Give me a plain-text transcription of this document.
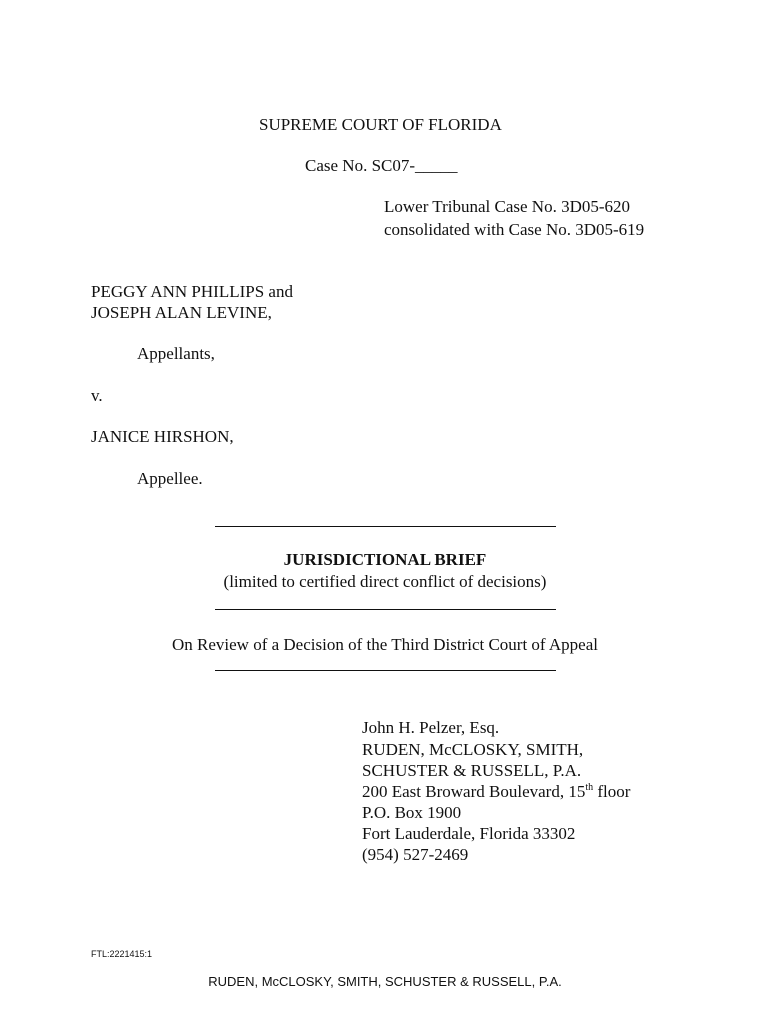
SUPREME COURT OF FLORIDA
Case No. SC07-_____
Lower Tribunal Case No. 3D05-620
consolidated with Case No. 3D05-619
PEGGY ANN PHILLIPS and
JOSEPH ALAN LEVINE,
Appellants,
v.
JANICE HIRSHON,
Appellee.
JURISDICTIONAL BRIEF
(limited to certified direct conflict of decisions)
On Review of a Decision of the Third District Court of Appeal
John H. Pelzer, Esq.
RUDEN, McCLOSKY, SMITH,
SCHUSTER & RUSSELL, P.A.
200 East Broward Boulevard, 15th floor
P.O. Box 1900
Fort Lauderdale, Florida 33302
(954) 527-2469
FTL:2221415:1
RUDEN, McCLOSKY, SMITH, SCHUSTER & RUSSELL, P.A.
